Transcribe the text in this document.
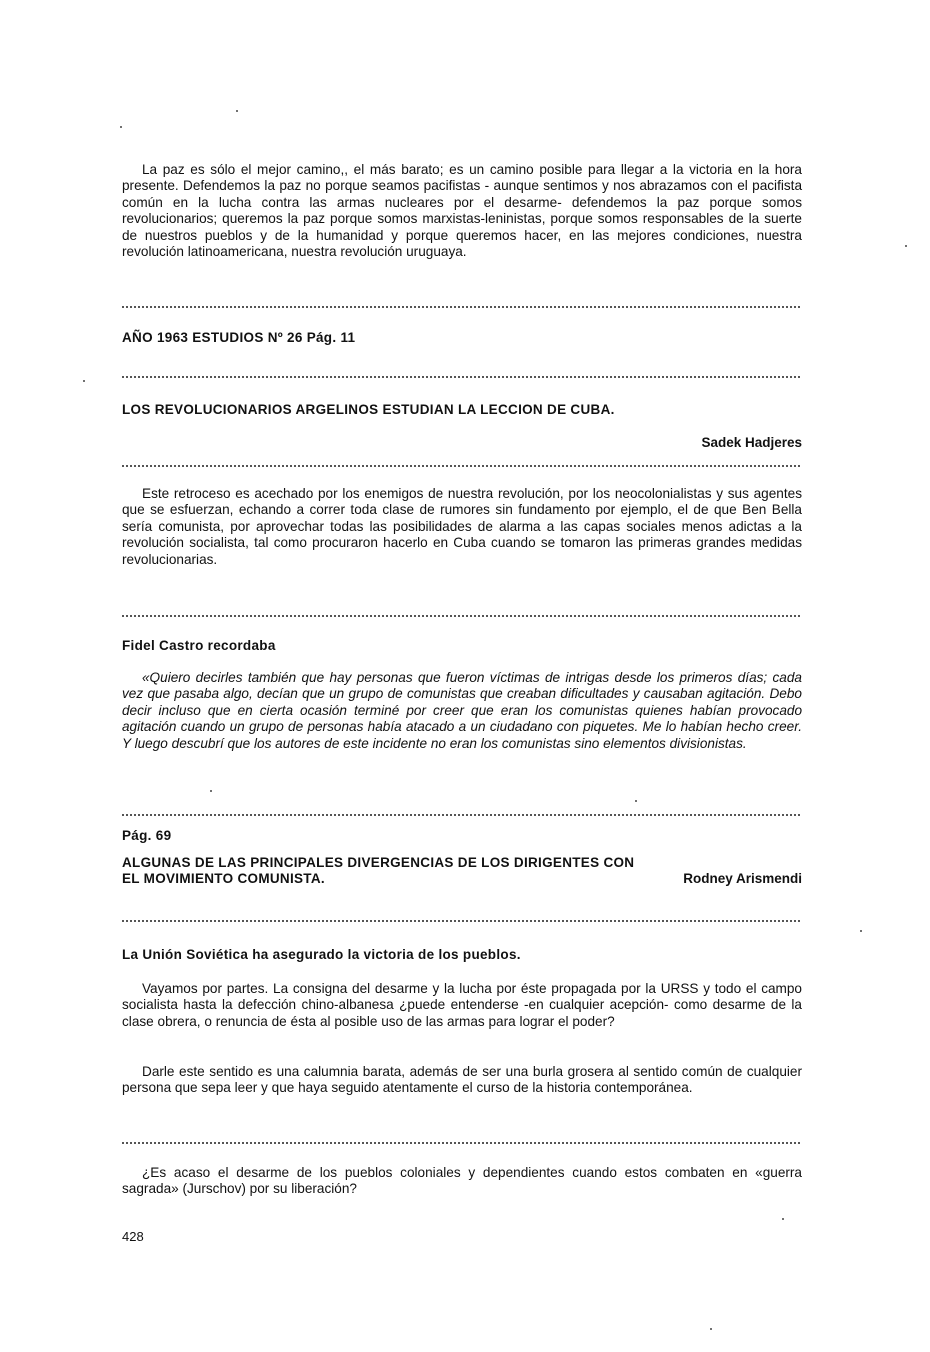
La paz es sólo el mejor camino,, el más barato; es un camino posible para llegar a la victoria en la hora presente. Defendemos la paz no porque seamos pacifistas - aunque sentimos y nos abrazamos con el pacifista común en la lucha contra las armas nucleares por el desarme- defendemos la paz porque somos revolucionarios; queremos la paz porque somos marxistas-leninistas, porque somos responsables de la suerte de nuestros pueblos y de la humanidad y porque queremos hacer, en las mejores condiciones, nuestra revolución latinoamericana, nuestra revolución uruguaya.

AÑO 1963 ESTUDIOS Nº 26 Pág. 11
LOS REVOLUCIONARIOS ARGELINOS ESTUDIAN LA LECCION DE CUBA.
Sadek Hadjeres

Este retroceso es acechado por los enemigos de nuestra revolución, por los neocolonialistas y sus agentes que se esfuerzan, echando a correr toda clase de rumores sin fundamento por ejemplo, el de que Ben Bella sería comunista, por aprovechar todas las posibilidades de alarma a las capas sociales menos adictas a la revolución socialista, tal como procuraron hacerlo en Cuba cuando se tomaron las primeras grandes medidas revolucionarias.

Fidel Castro recordaba

«Quiero decirles también que hay personas que fueron víctimas de intrigas desde los primeros días; cada vez que pasaba algo, decían que un grupo de comunistas que creaban dificultades y causaban agitación. Debo decir incluso que en cierta ocasión terminé por creer que eran los comunistas quienes habían provocado agitación cuando un grupo de personas había atacado a un ciudadano con piquetes. Me lo habían hecho creer. Y luego descubrí que los autores de este incidente no eran los comunistas sino elementos divisionistas.

Pág. 69
ALGUNAS DE LAS PRINCIPALES DIVERGENCIAS DE LOS DIRIGENTES CON
EL MOVIMIENTO COMUNISTA.	Rodney Arismendi
La Unión Soviética ha asegurado la victoria de los pueblos.

Vayamos por partes. La consigna del desarme y la lucha por éste propagada por la URSS y todo el campo socialista hasta la defección chino-albanesa ¿puede entenderse -en cualquier acepción- como desarme de la clase obrera, o renuncia de ésta al posible uso de las armas para lograr el poder?

Darle este sentido es una calumnia barata, además de ser una burla grosera al sentido común de cualquier persona que sepa leer y que haya seguido atentamente el curso de la historia contemporánea.

¿Es acaso el desarme de los pueblos coloniales y dependientes cuando estos combaten en «guerra sagrada» (Jurschov) por su liberación?

428
